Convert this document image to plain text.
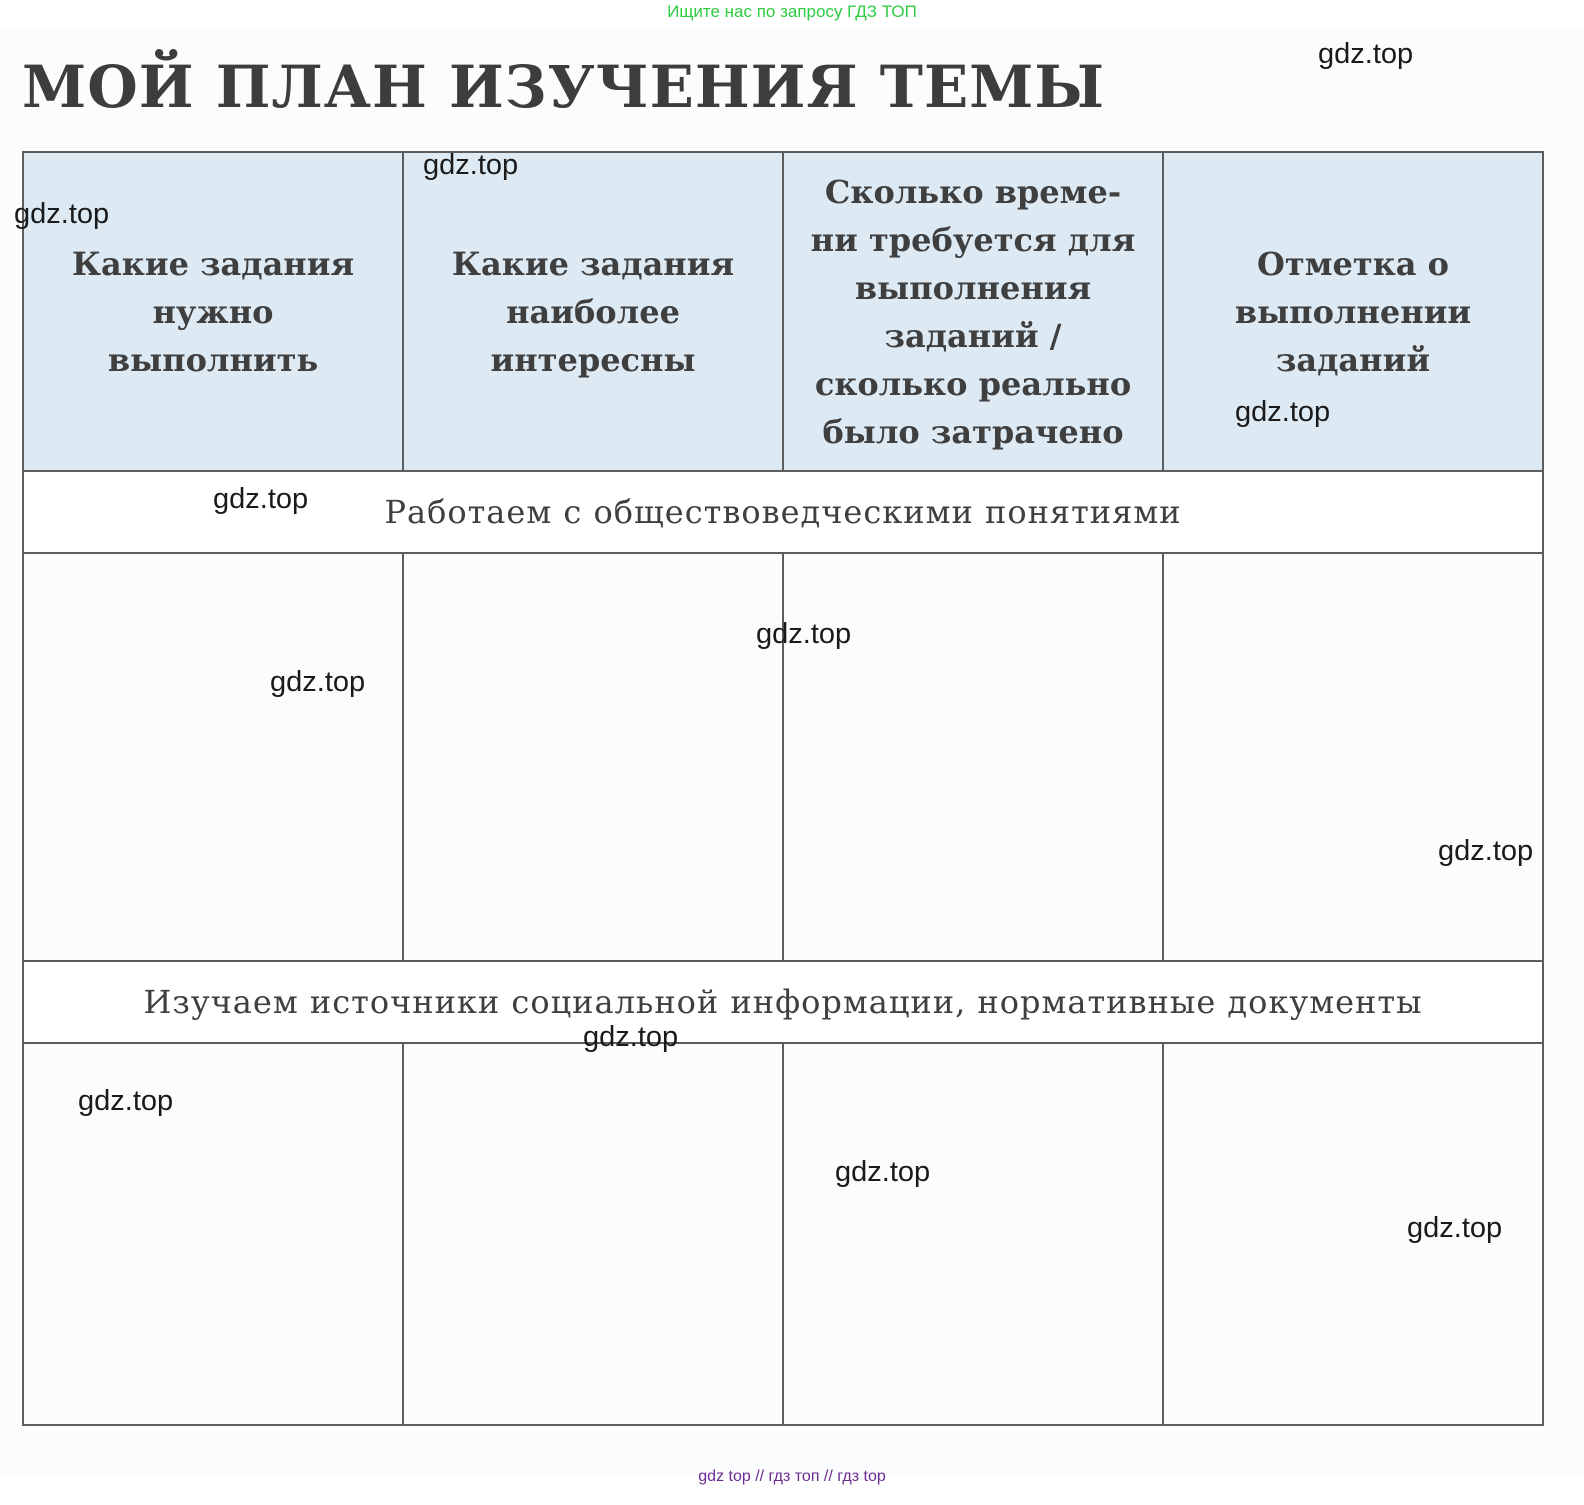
Ищите нас по запросу ГДЗ ТОП
МОЙ ПЛАН ИЗУЧЕНИЯ ТЕМЫ
Какие задания нужно выполнить	Какие задания наиболее интересны	Сколько време-ни требуется для выполнения заданий / сколько реально было затрачено	Отметка о выполнении заданий
Работаем с обществоведческими понятиями			

Изучаем источники социальной информации, нормативные документы			

gdz.top
gdz.top
gdz.top
gdz.top
gdz.top
gdz.top
gdz.top
gdz.top
gdz.top
gdz.top
gdz.top
gdz.top
gdz top // гдз топ // гдз top
